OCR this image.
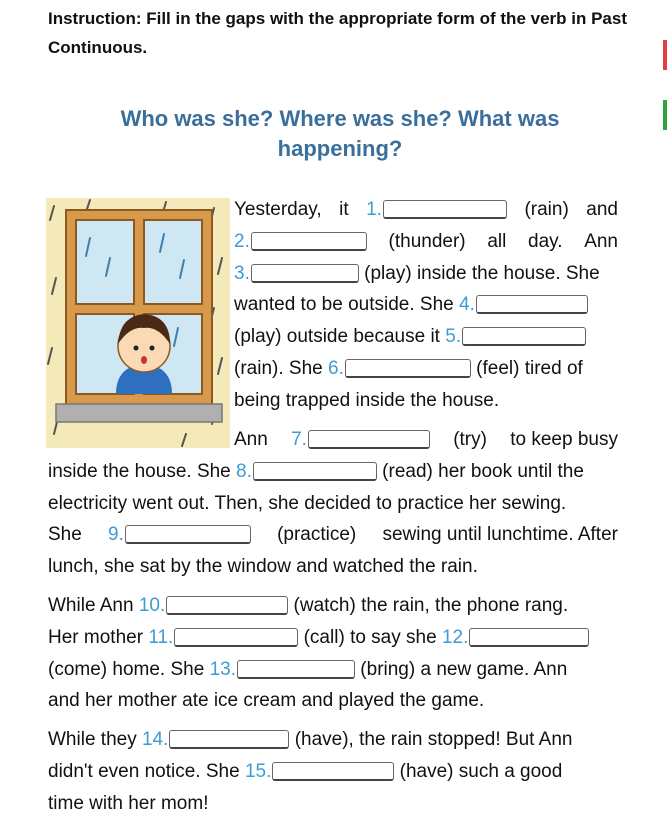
Instruction: Fill in the gaps with the appropriate form of the verb in Past Continuous.
Who was she? Where was she? What was happening?
Yesterday, it 1.	(rain) and
2.	(thunder) all day. Ann
3.	(play) inside the house. She
wanted to be outside. She 4.
(play) outside because it 5.
(rain). She 6.	(feel) tired of
being trapped inside the house.
Ann 7.	(try) to keep busy
inside the house. She 8.	(read) her book until the
electricity went out. Then, she decided to practice her sewing.
She 9.	(practice) sewing until lunchtime. After
lunch, she sat by the window and watched the rain.
While Ann 10.	(watch) the rain, the phone rang.
Her mother 11.	(call) to say she 12.
(come) home. She 13.	(bring) a new game. Ann
and her mother ate ice cream and played the game.
While they 14.	(have), the rain stopped! But Ann
didn't even notice. She 15.	(have) such a good
time with her mom!
